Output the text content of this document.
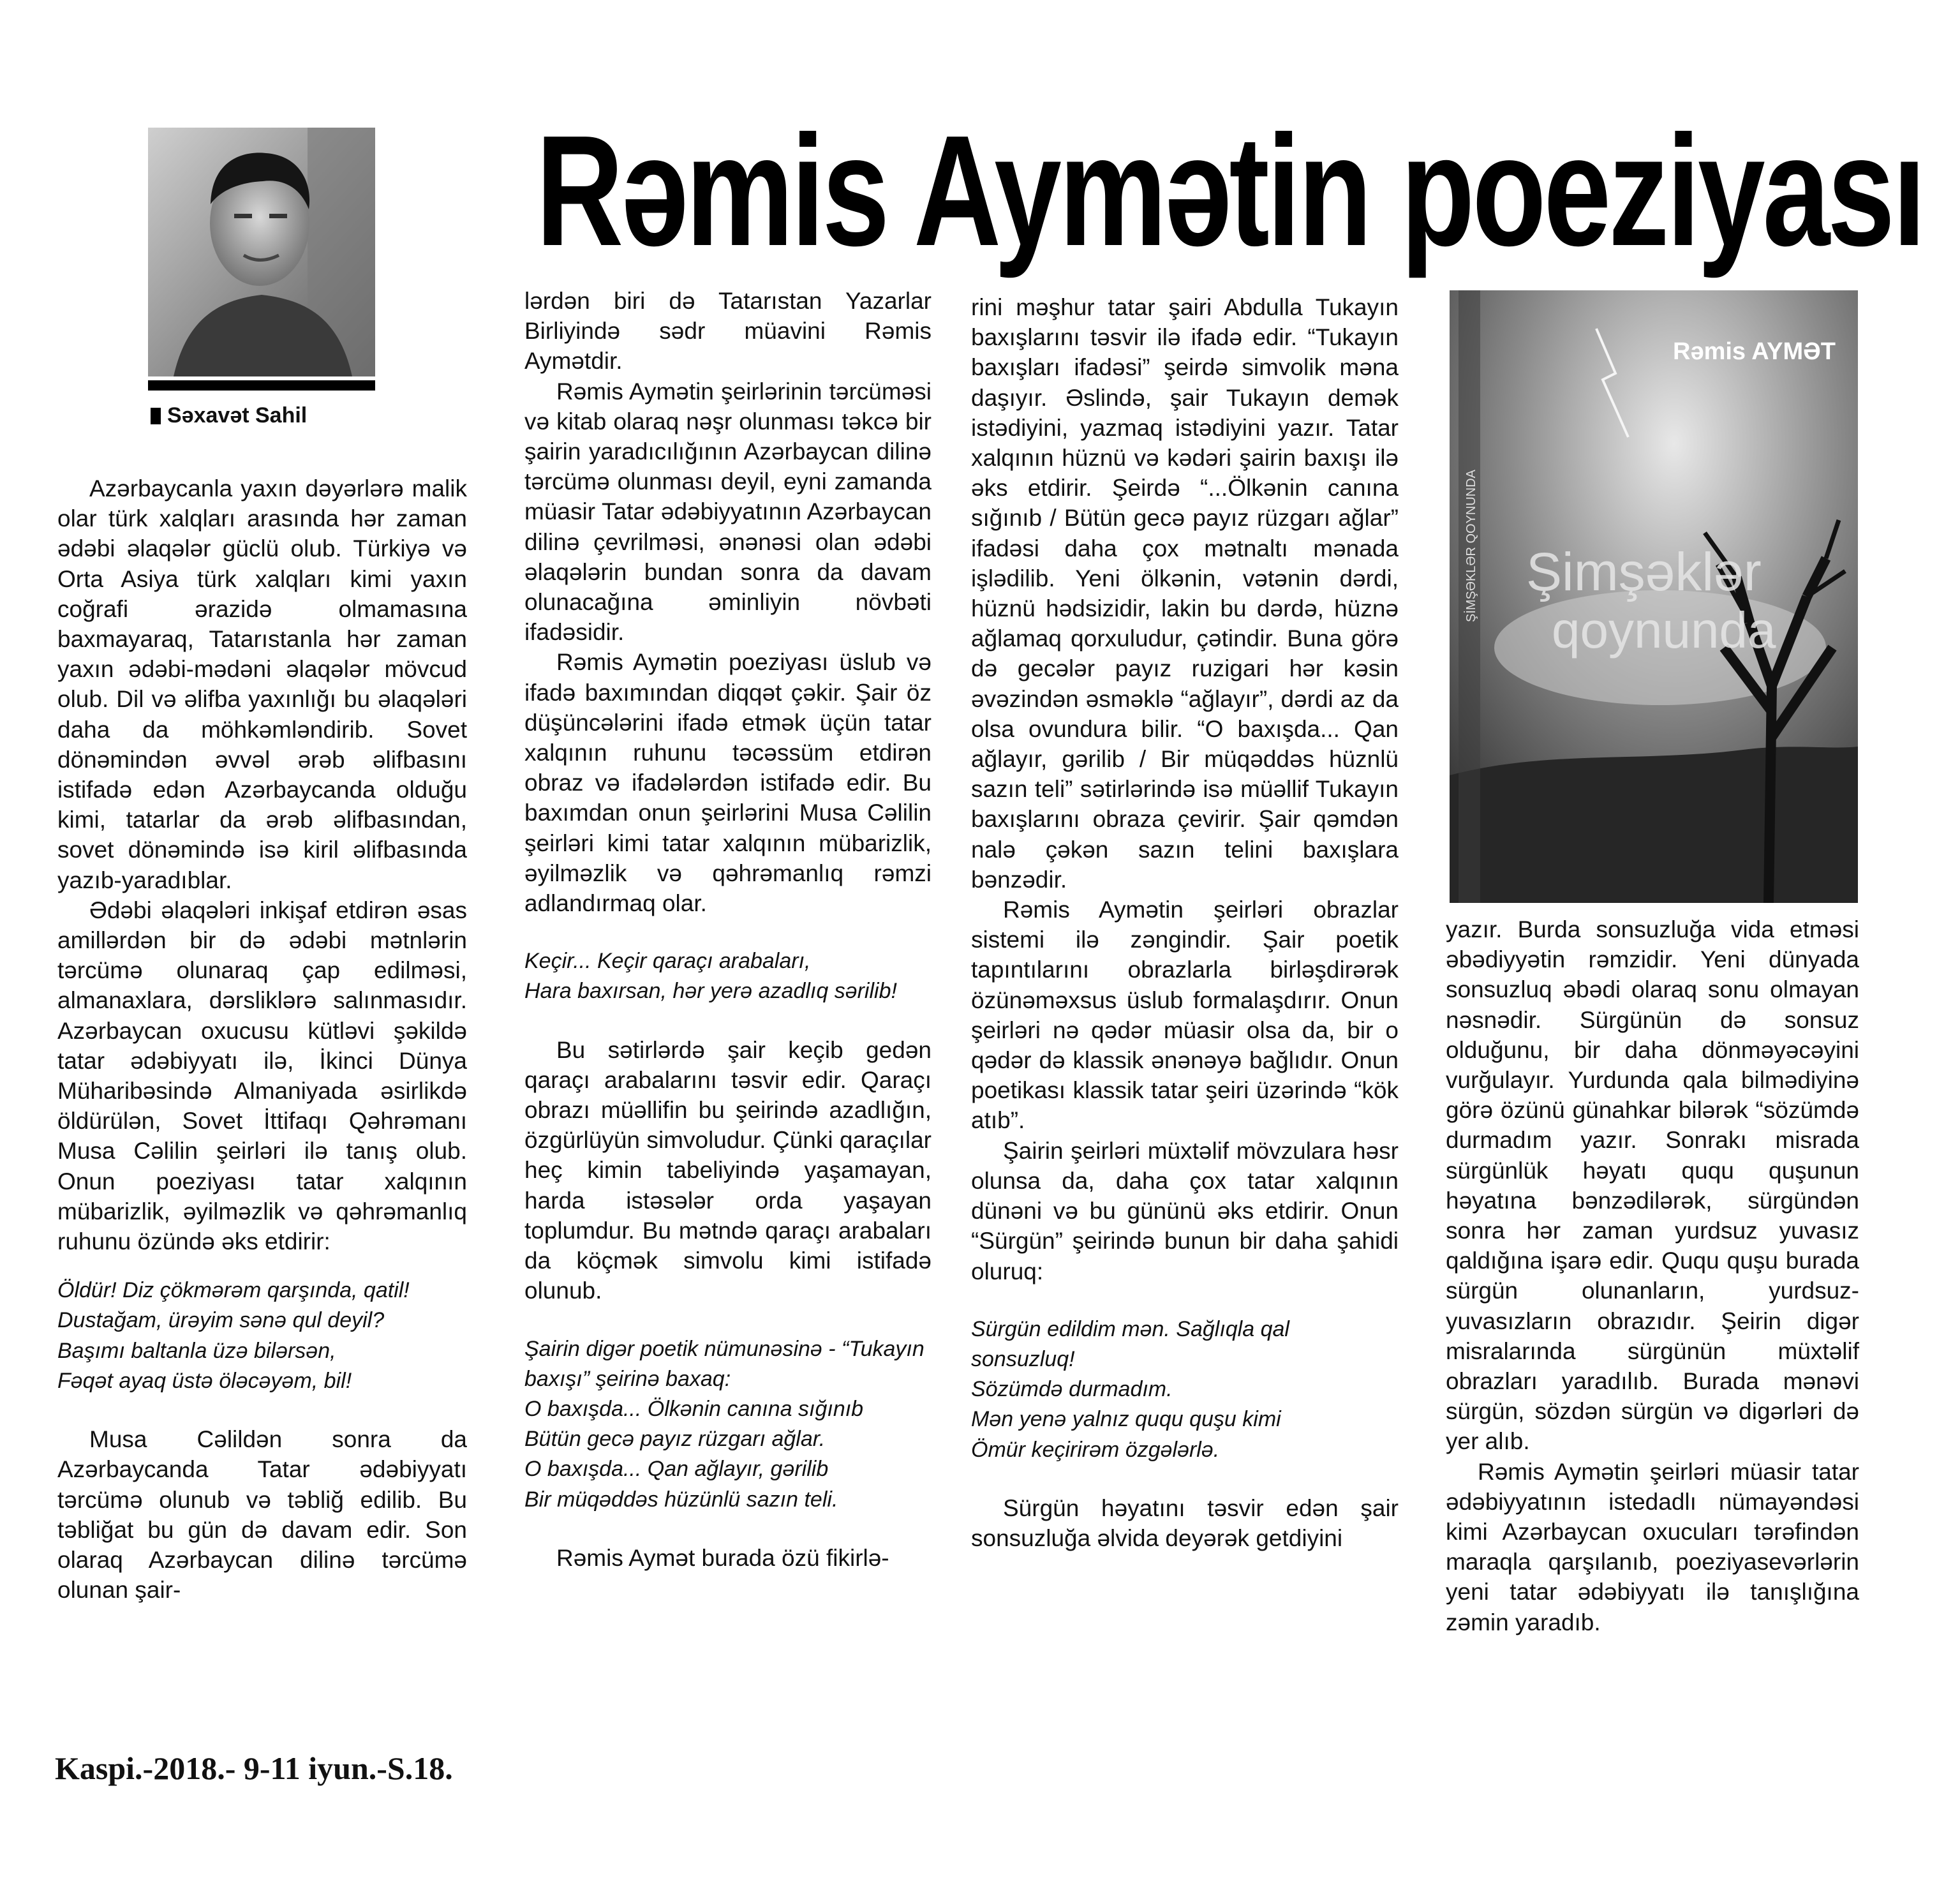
Rəmis Aymətin poeziyası
Səxavət Sahil

Azərbaycanla yaxın dəyərlərə malik olar türk xalqları arasında hər zaman ədəbi əlaqələr güclü olub. Türkiyə və Orta Asiya türk xalqları kimi yaxın coğrafi ərazidə olmamasına baxmayaraq, Tatarıstanla hər zaman yaxın ədəbi-mədəni əlaqələr mövcud olub. Dil və əlifba yaxınlığı bu əlaqələri daha da möhkəmləndirib. Sovet dönəmindən əvvəl ərəb əlifbasını istifadə edən Azərbaycanda olduğu kimi, tatarlar da ərəb əlifbasından, sovet dönəmində isə kiril əlifbasında yazıb-yaradıblar.

Ədəbi əlaqələri inkişaf etdirən əsas amillərdən bir də ədəbi mətnlərin tərcümə olunaraq çap edilməsi, almanaxlara, dərsliklərə salınmasıdır. Azərbaycan oxucusu kütləvi şəkildə tatar ədəbiyyatı ilə, İkinci Dünya Müharibəsində Almaniyada əsirlikdə öldürülən, Sovet İttifaqı Qəhrəmanı Musa Cəlilin şeirləri ilə tanış olub. Onun poeziyası tatar xalqının mübarizlik, əyilməzlik və qəhrəmanlıq ruhunu özündə əks etdirir:

Öldür! Diz çökmərəm qarşında, qatil!

Dustağam, ürəyim sənə qul deyil?

Başımı baltanla üzə bilərsən,

Fəqət ayaq üstə öləcəyəm, bil!

Musa Cəlildən sonra da Azərbaycanda Tatar ədəbiyyatı tərcümə olunub və təbliğ edilib. Bu təbliğat bu gün də davam edir. Son olaraq Azərbaycan dilinə tərcümə olunan şair-

lərdən biri də Tatarıstan Yazarlar Birliyində sədr müavini Rəmis Aymətdir.

Rəmis Aymətin şeirlərinin tərcüməsi və kitab olaraq nəşr olunması təkcə bir şairin yaradıcılığının Azərbaycan dilinə tərcümə olunması deyil, eyni zamanda müasir Tatar ədəbiyyatının Azərbaycan dilinə çevrilməsi, ənənəsi olan ədəbi əlaqələrin bundan sonra da davam olunacağına əminliyin növbəti ifadəsidir.

Rəmis Aymətin poeziyası üslub və ifadə baxımından diqqət çəkir. Şair öz düşüncələrini ifadə etmək üçün tatar xalqının ruhunu təcəssüm etdirən obraz və ifadələrdən istifadə edir. Bu baxımdan onun şeirlərini Musa Cəlilin şeirləri kimi tatar xalqının mübarizlik, əyilməzlik və qəhrəmanlıq rəmzi adlandırmaq olar.

Keçir... Keçir qaraçı arabaları,

Hara baxırsan, hər yerə azadlıq sərilib!

Bu sətirlərdə şair keçib gedən qaraçı arabalarını təsvir edir. Qaraçı obrazı müəllifin bu şeirində azadlığın, özgürlüyün simvoludur. Çünki qaraçılar heç kimin tabeliyində yaşamayan, harda istəsələr orda yaşayan toplumdur. Bu mətndə qaraçı arabaları da köçmək simvolu kimi istifadə olunub.

Şairin digər poetik nümunəsinə - “Tukayın baxışı” şeirinə baxaq:

O baxışda... Ölkənin canına sığınıb

Bütün gecə payız rüzgarı ağlar.

O baxışda... Qan ağlayır, gərilib

Bir müqəddəs hüzünlü sazın teli.

Rəmis Aymət burada özü fikirlə-

rini məşhur tatar şairi Abdulla Tukayın baxışlarını təsvir ilə ifadə edir. “Tukayın baxışları ifadəsi” şeirdə simvolik məna daşıyır. Əslində, şair Tukayın demək istədiyini, yazmaq istədiyini yazır. Tatar xalqının hüznü və kədəri şairin baxışı ilə əks etdirir. Şeirdə “...Ölkənin canına sığınıb / Bütün gecə payız rüzgarı ağlar” ifadəsi daha çox mətnaltı mənada işlədilib. Yeni ölkənin, vətənin dərdi, hüznü hədsizidir, lakin bu dərdə, hüznə ağlamaq qorxuludur, çətindir. Buna görə də gecələr payız ruzigari hər kəsin əvəzindən əsməklə “ağlayır”, dərdi az da olsa ovundura bilir. “O baxışda... Qan ağlayır, gərilib / Bir müqəddəs hüznlü sazın teli” sətirlərində isə müəllif Tukayın baxışlarını obraza çevirir. Şair qəmdən nalə çəkən sazın telini baxışlara bənzədir.

Rəmis Aymətin şeirləri obrazlar sistemi ilə zəngindir. Şair poetik tapıntılarını obrazlarla birləşdirərək özünəməxsus üslub formalaşdırır. Onun şeirləri nə qədər müasir olsa da, bir o qədər də klassik ənənəyə bağlıdır. Onun poetikası klassik tatar şeiri üzərində “kök atıb”.

Şairin şeirləri müxtəlif mövzulara həsr olunsa da, daha çox tatar xalqının dünəni və bu gününü əks etdirir. Onun “Sürgün” şeirində bunun bir daha şahidi oluruq:

Sürgün edildim mən. Sağlıqla qal sonsuzluq!

Sözümdə durmadım.

Mən yenə yalnız ququ quşu kimi

Ömür keçirirəm özgələrlə.

Sürgün həyatını təsvir edən şair sonsuzluğa əlvida deyərək getdiyini

ŞİMŞƏKLƏR QOYNUNDA
Rəmis AYMƏT
Şimşəklər
qoynunda

yazır. Burda sonsuzluğa vida etməsi əbədiyyətin rəmzidir. Yeni dünyada sonsuzluq əbədi olaraq sonu olmayan nəsnədir. Sürgünün də sonsuz olduğunu, bir daha dönməyəcəyini vurğulayır. Yurdunda qala bilmədiyinə görə özünü günahkar bilərək “sözümdə durmadım yazır. Sonrakı misrada sürgünlük həyatı ququ quşunun həyatına bənzədilərək, sürgündən sonra hər zaman yurdsuz yuvasız qaldığına işarə edir. Ququ quşu burada sürgün olunanların, yurdsuz-yuvasızların obrazıdır. Şeirin digər misralarında sürgünün müxtəlif obrazları yaradılıb. Burada mənəvi sürgün, sözdən sürgün və digərləri də yer alıb.

Rəmis Aymətin şeirləri müasir tatar ədəbiyyatının istedadlı nümayəndəsi kimi Azərbaycan oxucuları tərəfindən maraqla qarşılanıb, poeziyasevərlərin yeni tatar ədəbiyyatı ilə tanışlığına zəmin yaradıb.

Kaspi.-2018.- 9-11 iyun.-S.18.
